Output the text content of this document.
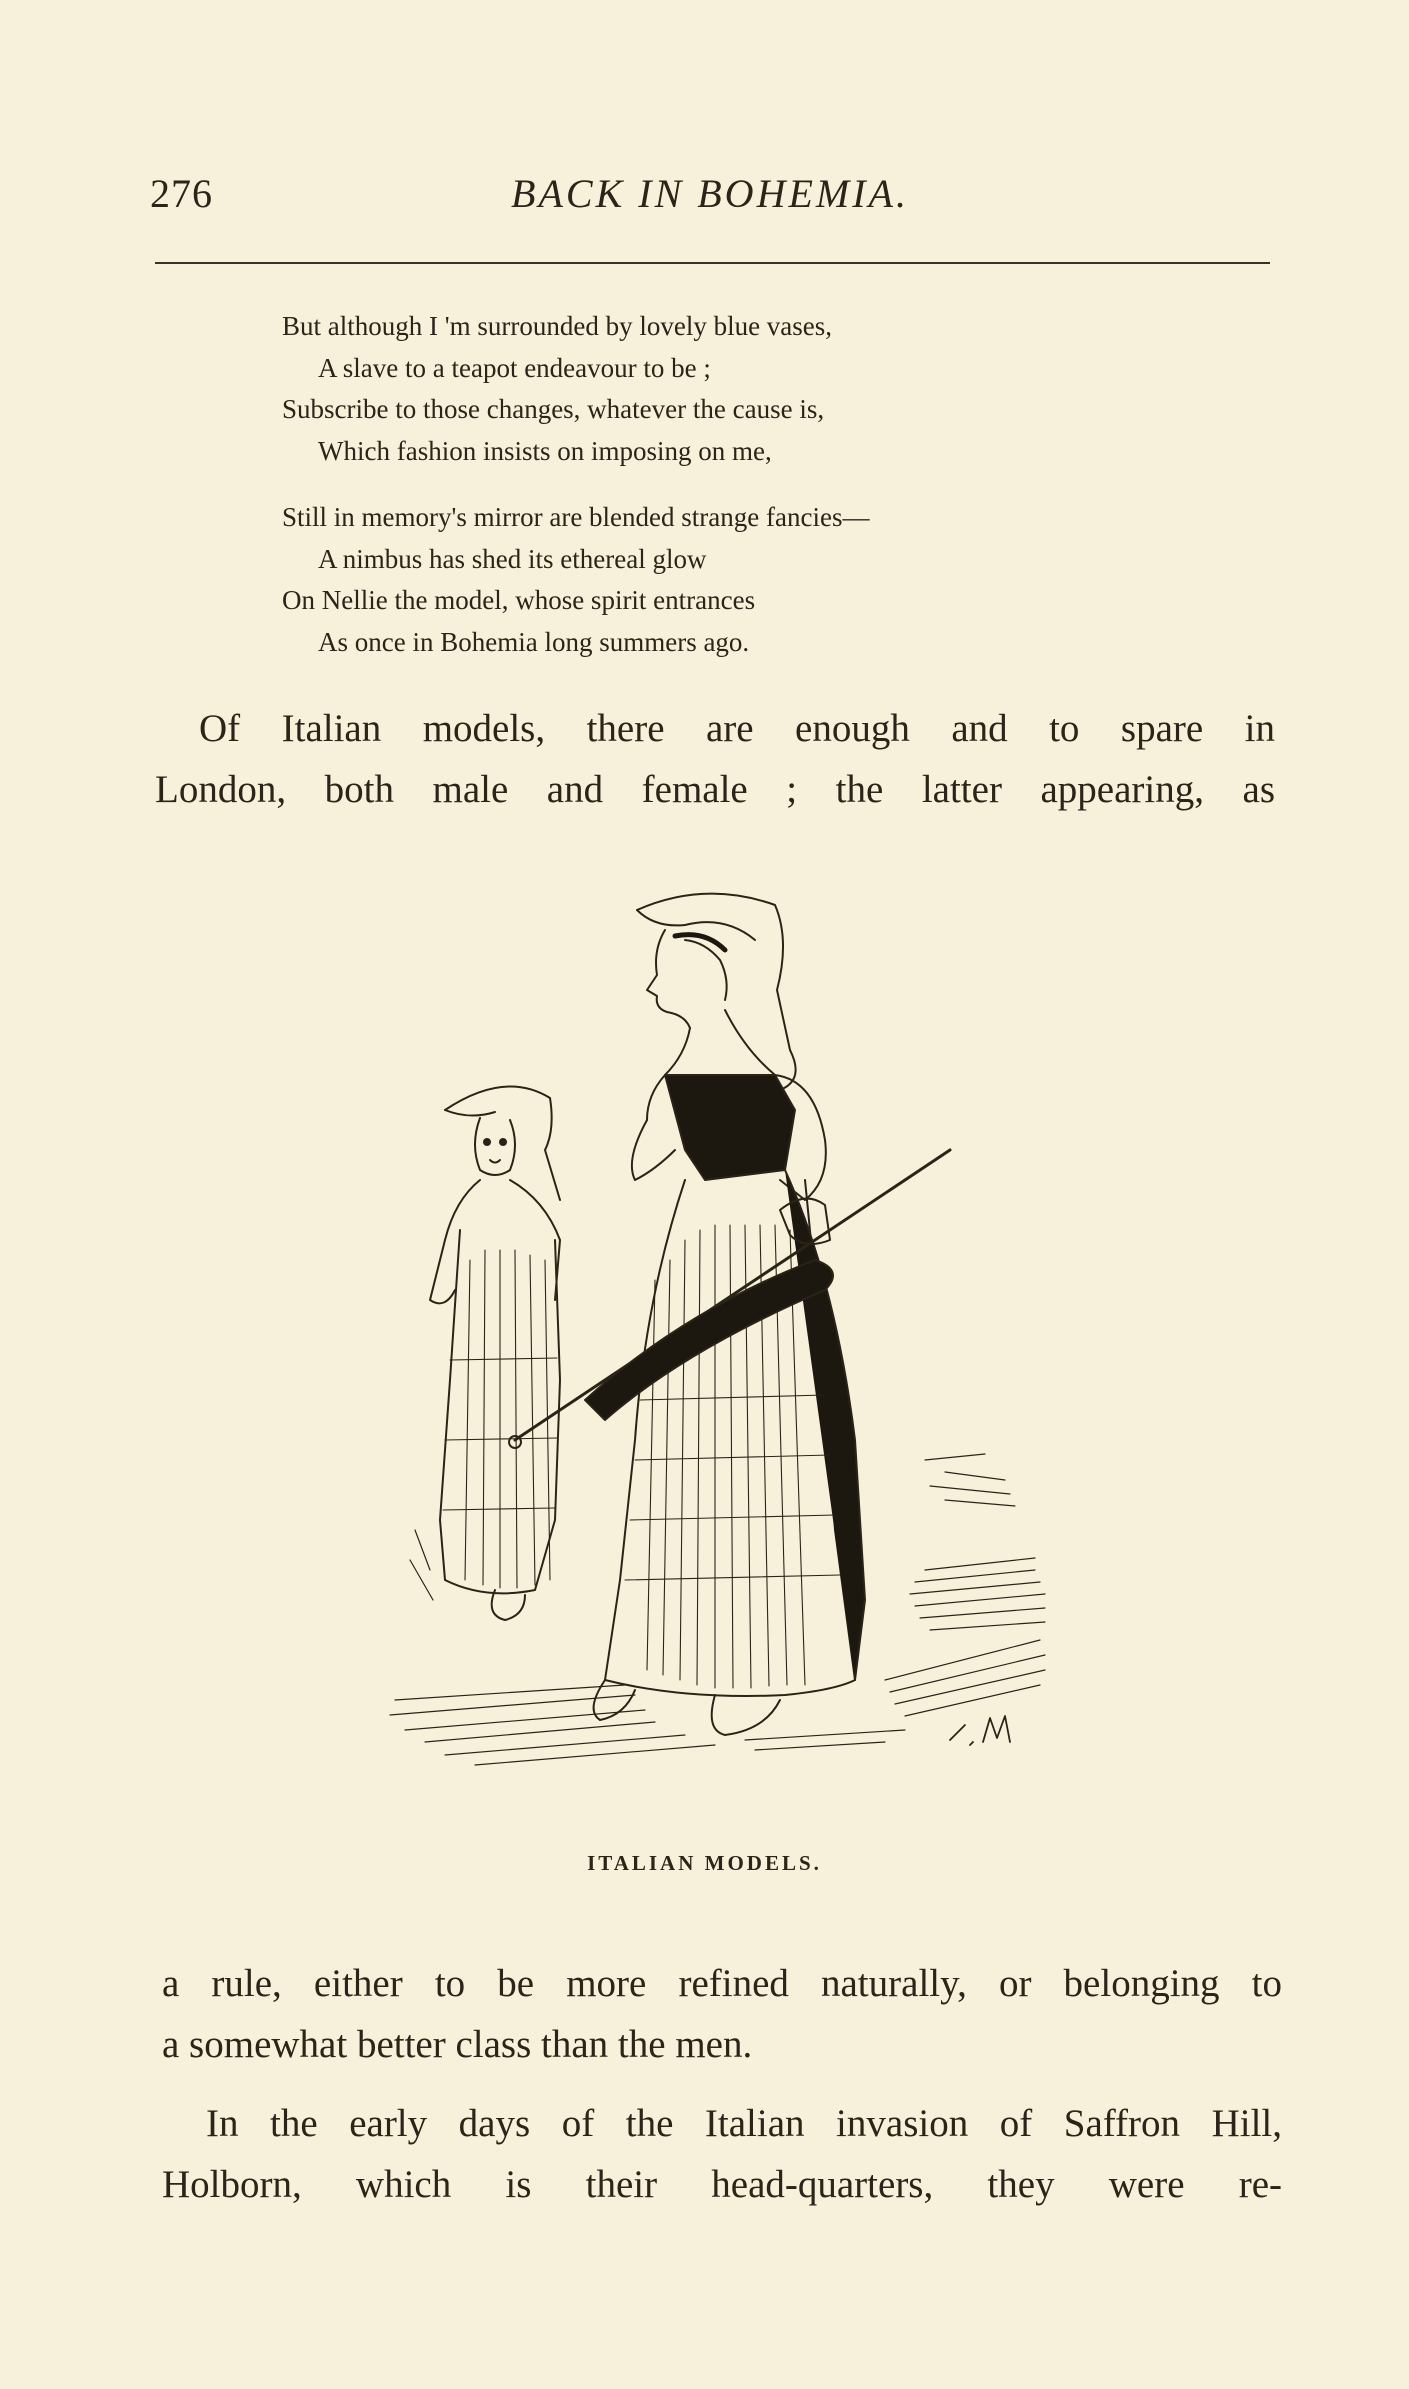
276	BACK IN BOHEMIA.

But although I 'm surrounded by lovely blue vases,
A slave to a teapot endeavour to be ;
Subscribe to those changes, whatever the cause is,
Which fashion insists on imposing on me,

Still in memory's mirror are blended strange fancies—
A nimbus has shed its ethereal glow
On Nellie the model, whose spirit entrances
As once in Bohemia long summers ago.

Of Italian models, there are enough and to spare in
London, both male and female ; the latter appearing, as
ITALIAN MODELS.
a rule, either to be more refined naturally, or belonging to
a somewhat better class than the men.
In the early days of the Italian invasion of Saffron Hill,
Holborn, which is their head-quarters, they were re-
